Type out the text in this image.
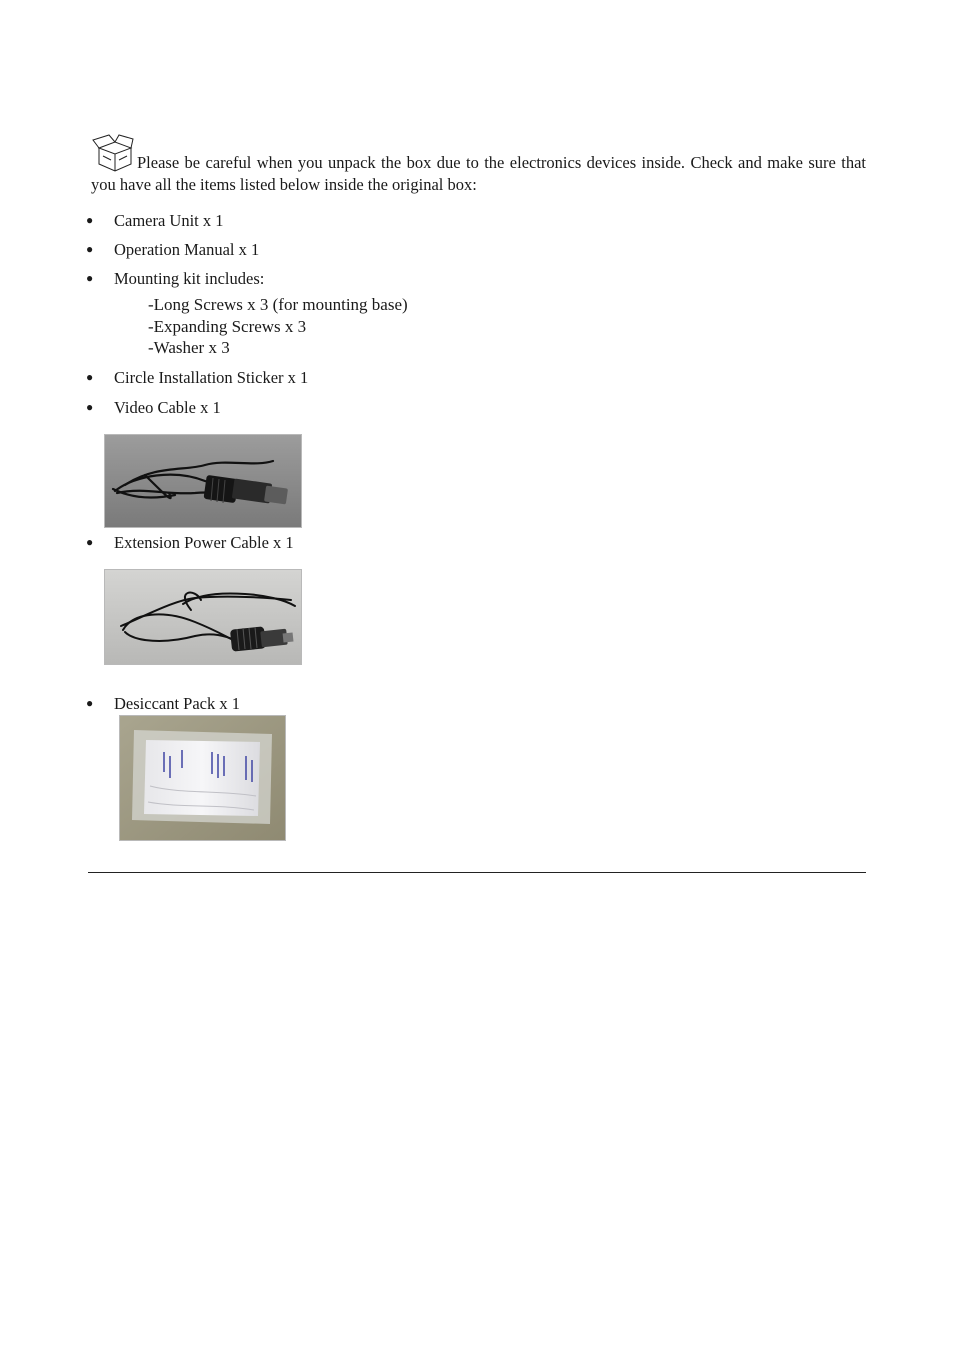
Please be careful when you unpack the box due to the electronics devices inside. Check and make sure that you have all the items listed below inside the original box:

● Camera Unit x 1
● Operation Manual x 1
● Mounting kit includes:
-Long Screws x 3 (for mounting base)
-Expanding Screws x 3
-Washer x 3
● Circle Installation Sticker x 1
● Video Cable x 1
● Extension Power Cable x 1
● Desiccant Pack x 1
